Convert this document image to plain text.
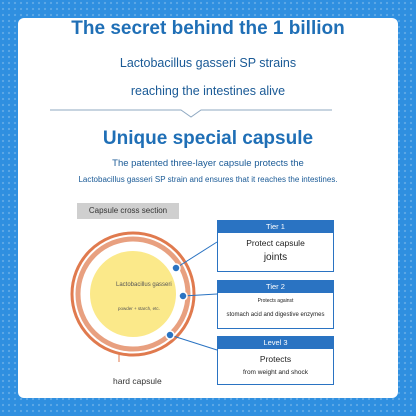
The secret behind the 1 billion
Lactobacillus gasseri SP strains
reaching the intestines alive
Unique special capsule
The patented three-layer capsule protects the
Lactobacillus gasseri SP strain and ensures that it reaches the intestines.
Capsule cross section
Lactobacillus gasseri
powder + starch, etc.
hard capsule
Tier 1
Protect capsule
joints
Tier 2
Protects against
stomach acid and digestive enzymes
Level 3
Protects
from weight and shock
